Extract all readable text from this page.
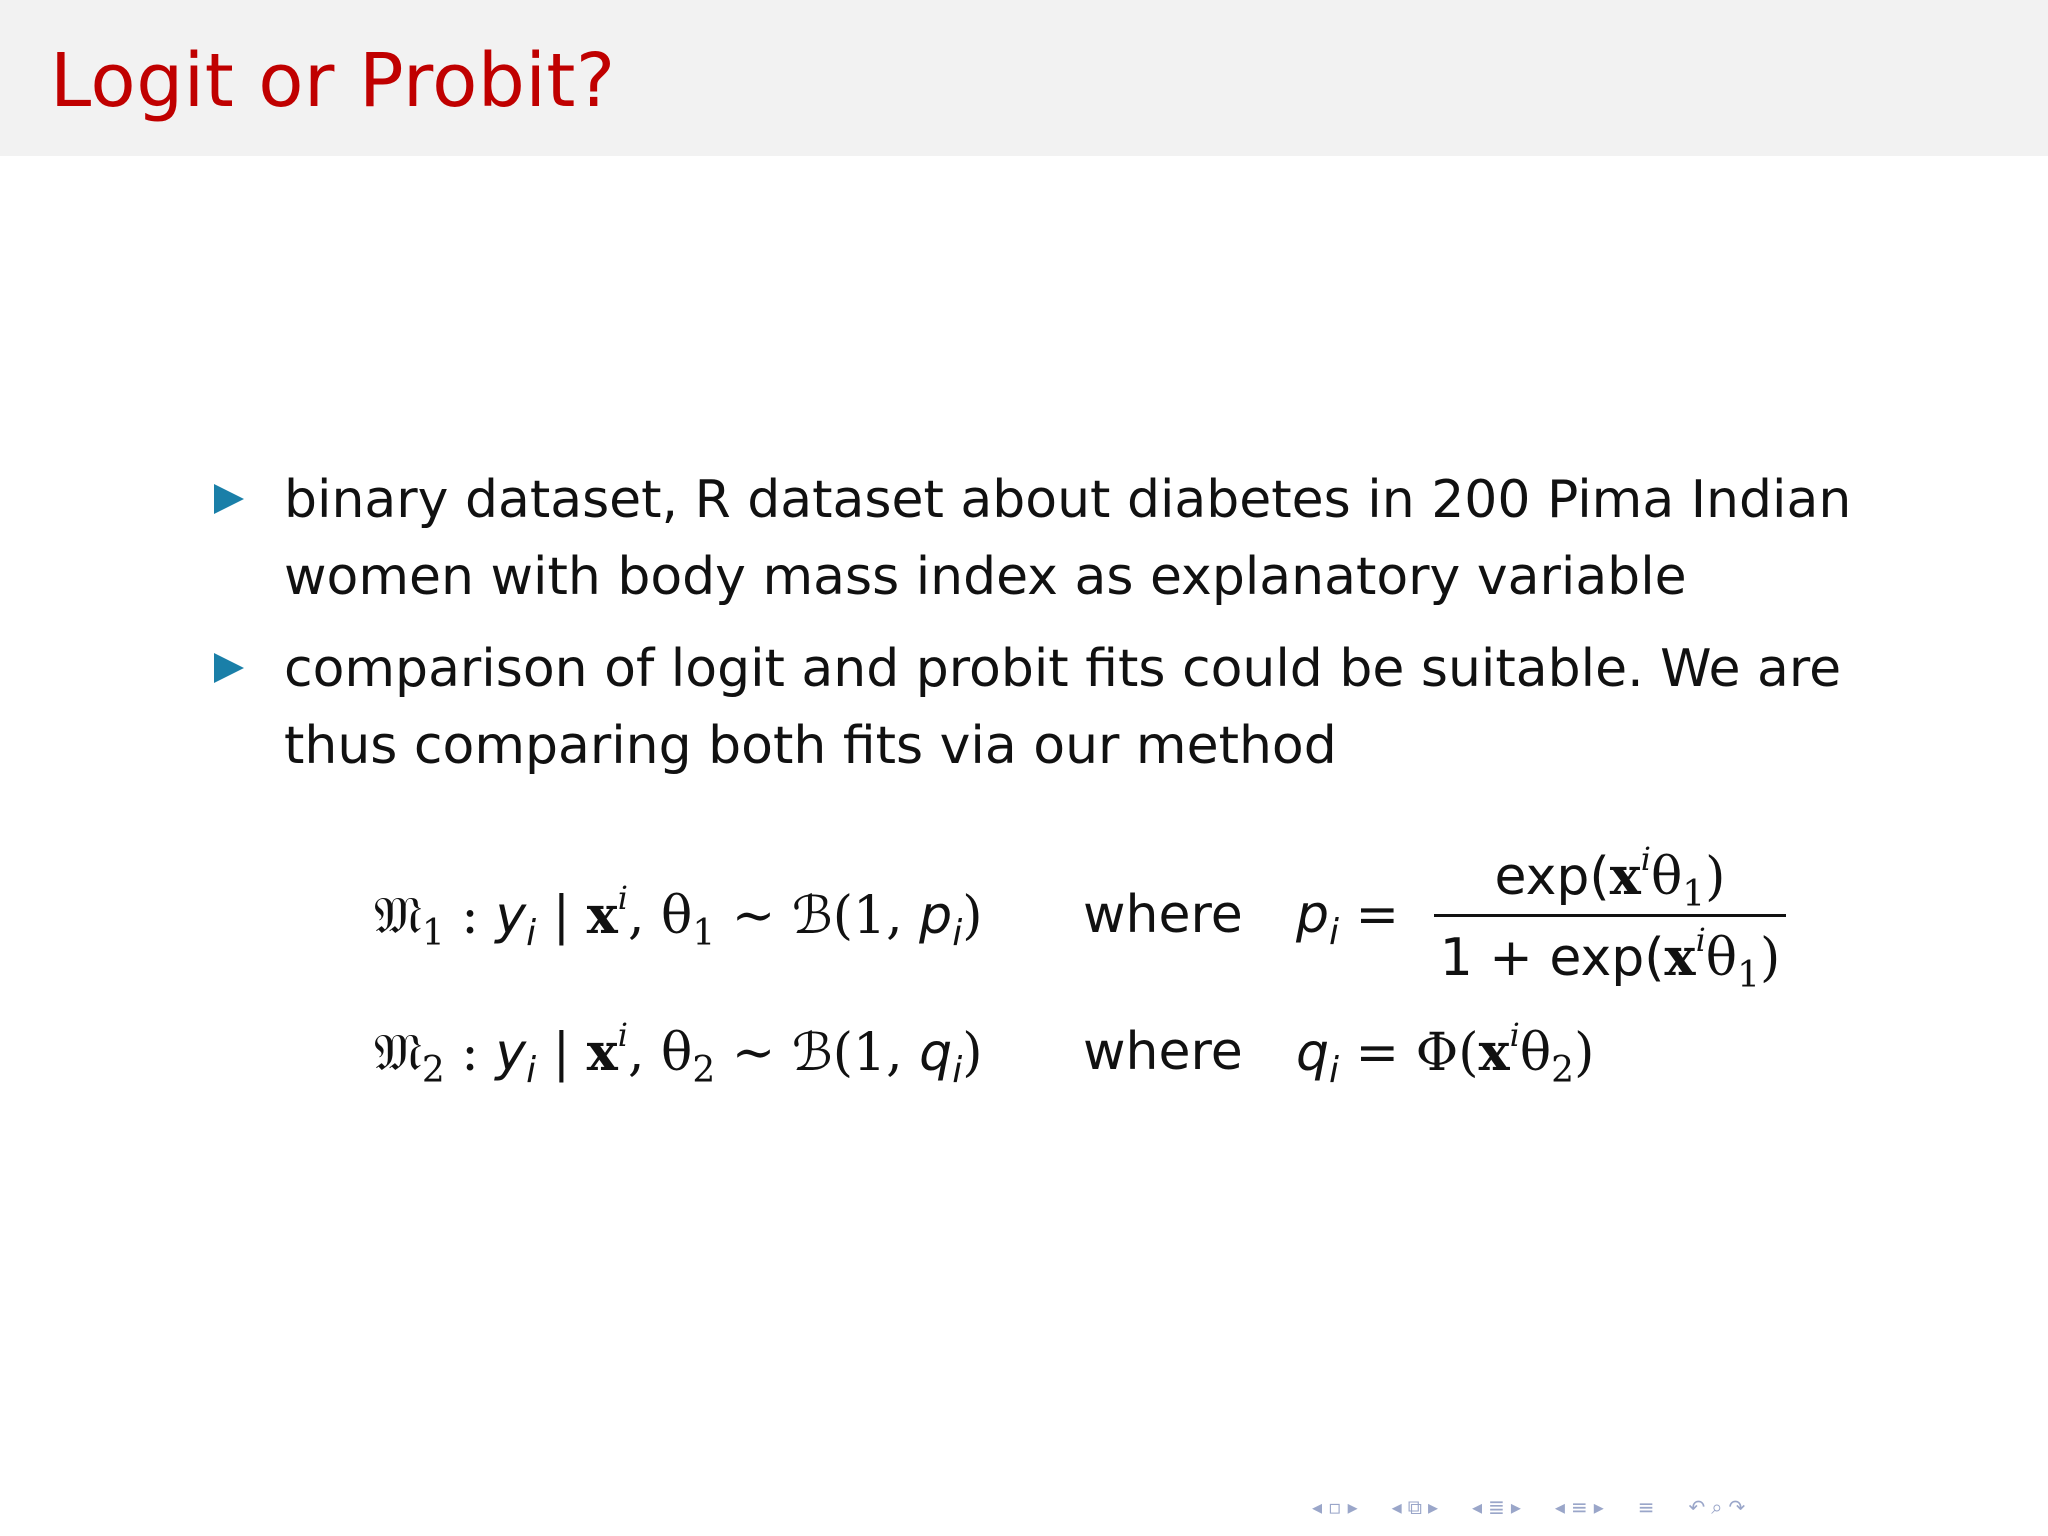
Logit or Probit?
binary dataset, R dataset about diabetes in 200 Pima Indian women with body mass index as explanatory variable
comparison of logit and probit fits could be suitable. We are thus comparing both fits via our method
𝔐$_1$ : $y_i$ | $x^i$, $\theta_1$ ∼ ℬ(1, $p_i$) where $p_i$ =
$\exp(x^i\theta_1)$
$1 + \exp(x^i\theta_1)$
𝔐$_2$ : $y_i$ | $x^i$, $\theta_2$ ∼ ℬ(1, $q_i$) where $q_i = \Phi(x^i\theta_2)$
◂ ▫ ▸ ◂ ⧉ ▸ ◂ ≣ ▸ ◂ ≡ ▸ ≡ ↶ ⌕ ↷
